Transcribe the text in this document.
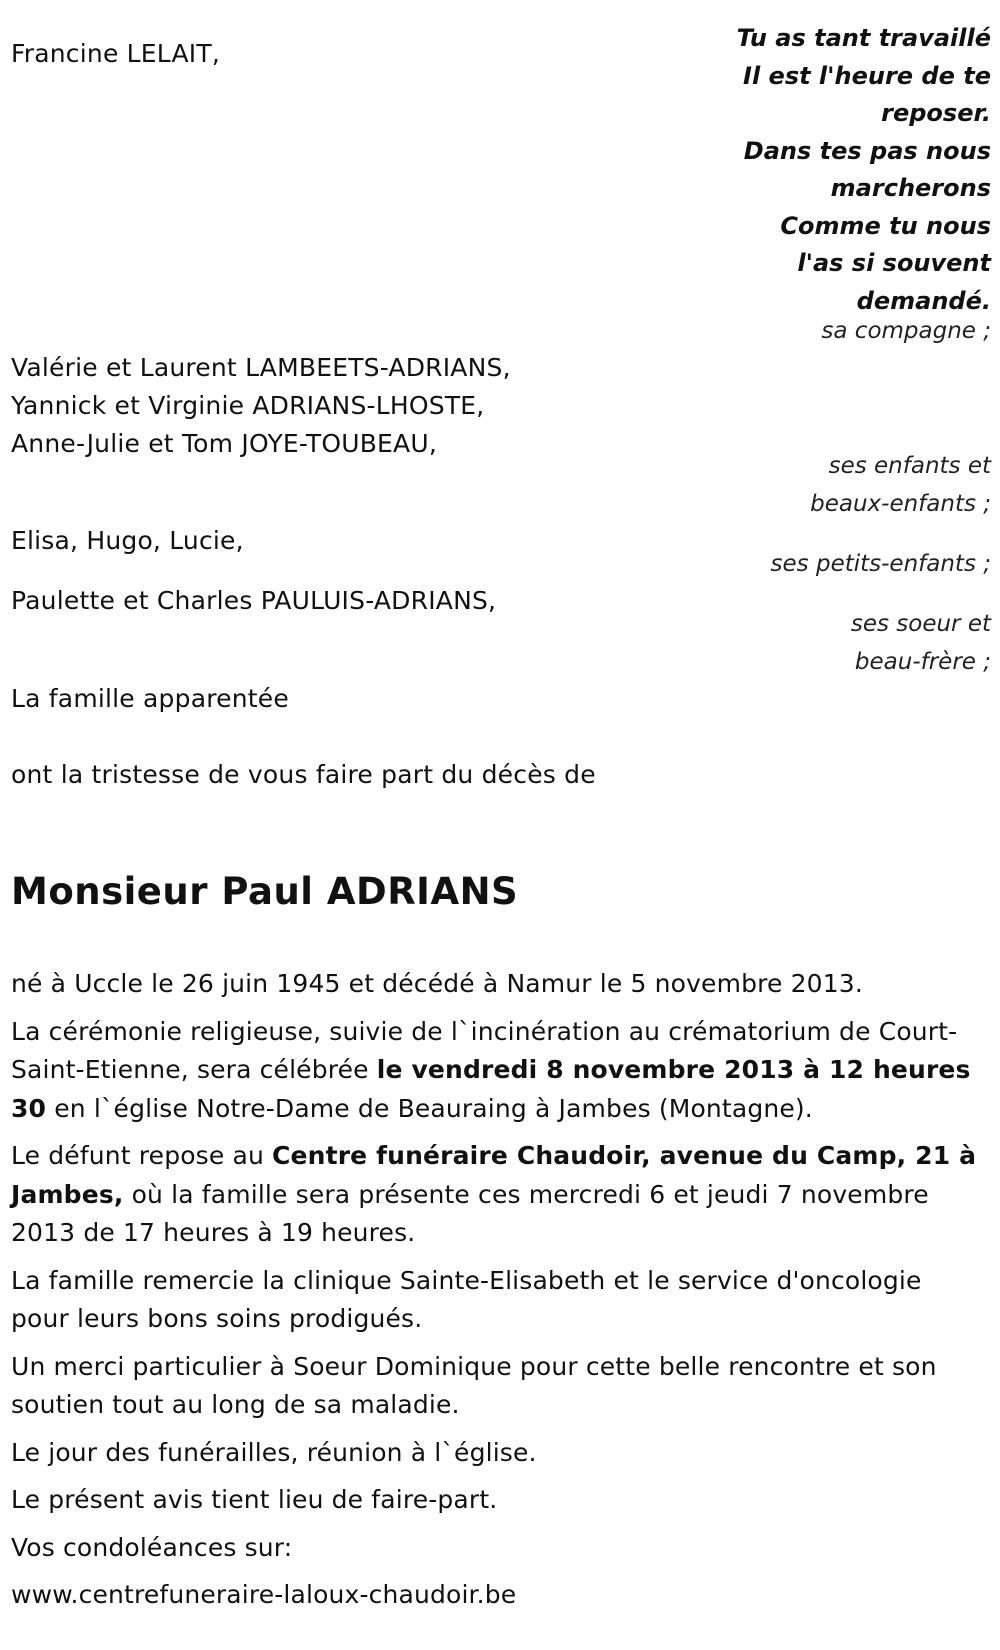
Tu as tant travaillé
Il est l'heure de te
reposer.
Dans tes pas nous
marcherons
Comme tu nous
l'as si souvent
demandé.
Francine LELAIT,
sa compagne ;
Valérie et Laurent LAMBEETS-ADRIANS,
Yannick et Virginie ADRIANS-LHOSTE,
Anne-Julie et Tom JOYE-TOUBEAU,
ses enfants et
beaux-enfants ;
Elisa, Hugo, Lucie,
ses petits-enfants ;
Paulette et Charles PAULUIS-ADRIANS,
ses soeur et
beau-frère ;
La famille apparentée
ont la tristesse de vous faire part du décès de
Monsieur Paul ADRIANS

né à Uccle le 26 juin 1945 et décédé à Namur le 5 novembre 2013.

La cérémonie religieuse, suivie de l`incinération au crématorium de Court-Saint-Etienne, sera célébrée le vendredi 8 novembre 2013 à 12 heures 30 en l`église Notre-Dame de Beauraing à Jambes (Montagne).

Le défunt repose au Centre funéraire Chaudoir, avenue du Camp, 21 à Jambes, où la famille sera présente ces mercredi 6 et jeudi 7 novembre 2013 de 17 heures à 19 heures.

La famille remercie la clinique Sainte-Elisabeth et le service d'oncologie pour leurs bons soins prodigués.

Un merci particulier à Soeur Dominique pour cette belle rencontre et son soutien tout au long de sa maladie.

Le jour des funérailles, réunion à l`église.

Le présent avis tient lieu de faire-part.

Vos condoléances sur:

www.centrefuneraire-laloux-chaudoir.be
